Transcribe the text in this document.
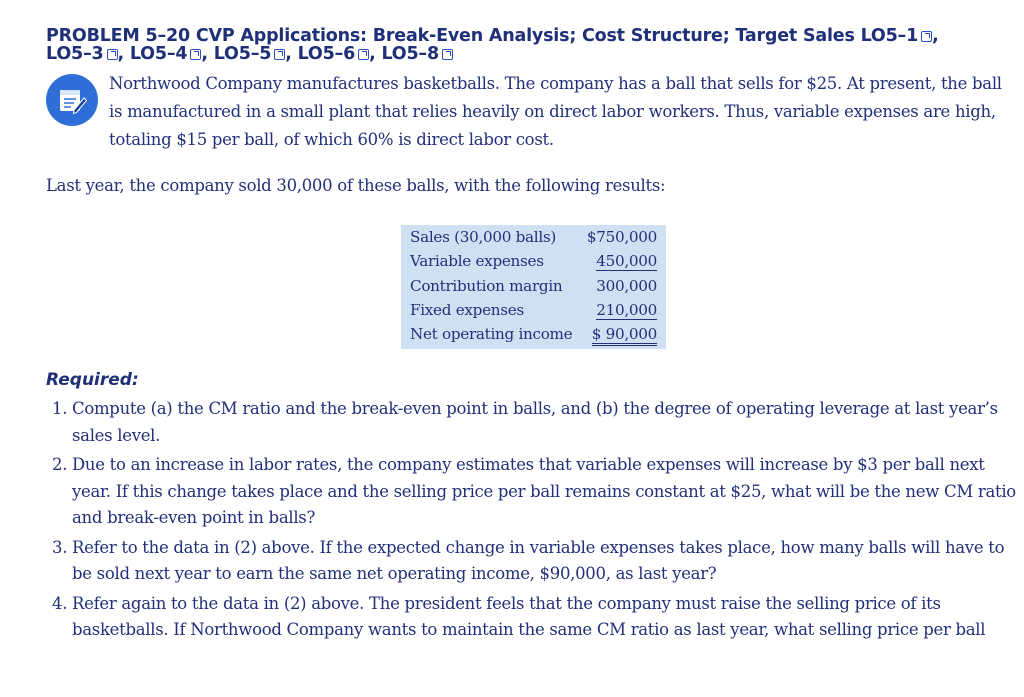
PROBLEM 5–20 CVP Applications: Break-Even Analysis; Cost Structure; Target Sales LO5–1 , LO5–3 , LO5–4 , LO5–5 , LO5–6 , LO5–8
Northwood Company manufactures basketballs. The company has a ball that sells for $25. At present, the ball is manufactured in a small plant that relies heavily on direct labor workers. Thus, variable expenses are high, totaling $15 per ball, of which 60% is direct labor cost.
Last year, the company sold 30,000 of these balls, with the following results:
Sales (30,000 balls) $750,000
Variable expenses	450,000
Contribution margin 300,000
Fixed expenses	210,000
Net operating income $ 90,000
Required:
1. Compute (a) the CM ratio and the break-even point in balls, and (b) the degree of operating leverage at last year’s sales level.
2. Due to an increase in labor rates, the company estimates that variable expenses will increase by $3 per ball next year. If this change takes place and the selling price per ball remains constant at $25, what will be the new CM ratio and break-even point in balls?
3. Refer to the data in (2) above. If the expected change in variable expenses takes place, how many balls will have to be sold next year to earn the same net operating income, $90,000, as last year?
4. Refer again to the data in (2) above. The president feels that the company must raise the selling price of its basketballs. If Northwood Company wants to maintain the same CM ratio as last year, what selling price per ball
